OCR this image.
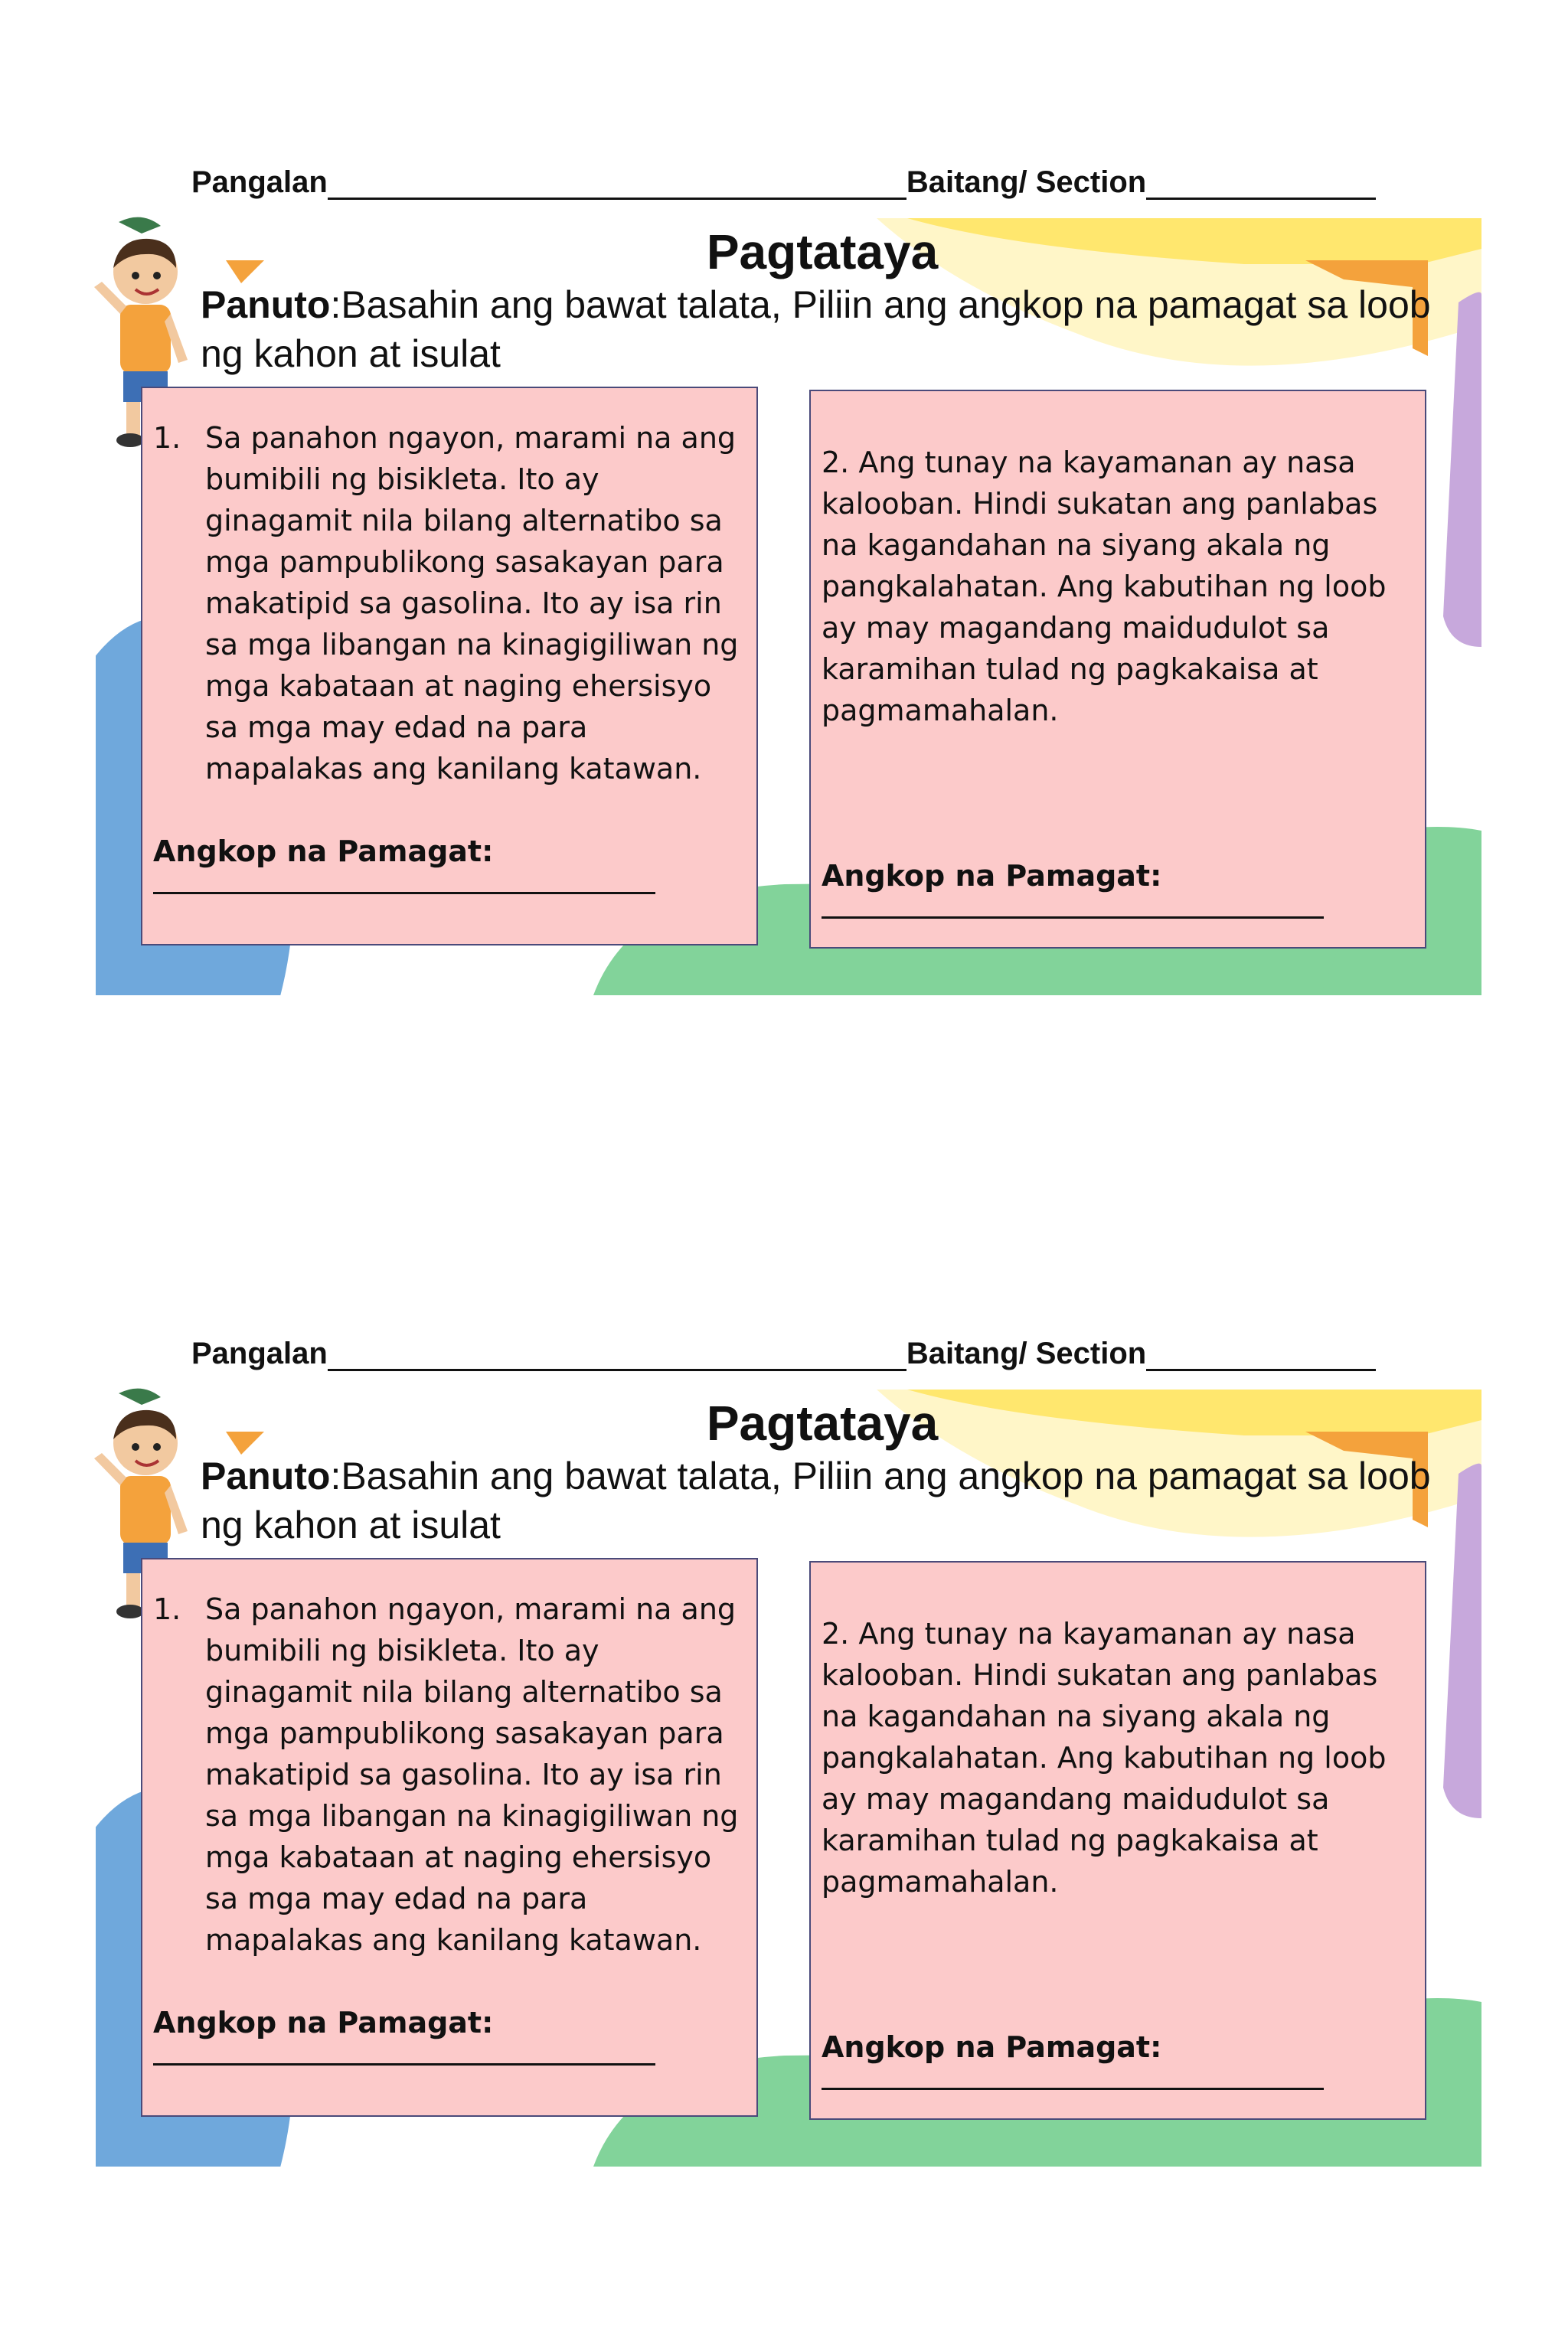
Pangalan	Baitang/ Section
Pagtataya
Panuto:Basahin ang bawat talata, Piliin ang angkop na pamagat sa loob ng kahon at isulat
1. Sa panahon ngayon, marami na ang bumibili ng bisikleta. Ito ay ginagamit nila bilang alternatibo sa mga pampublikong sasakayan para makatipid sa gasolina. Ito ay isa rin sa mga libangan na kinagigiliwan ng mga kabataan at naging ehersisyo sa mga may edad na para mapalakas ang kanilang katawan.
Angkop na Pamagat:
2. Ang tunay na kayamanan ay nasa kalooban. Hindi sukatan ang panlabas na kagandahan na siyang akala ng pangkalahatan. Ang kabutihan ng loob ay may magandang maidudulot sa karamihan tulad ng pagkakaisa at pagmamahalan.
Angkop na Pamagat:
Pangalan	Baitang/ Section
Pagtataya
Panuto:Basahin ang bawat talata, Piliin ang angkop na pamagat sa loob ng kahon at isulat
1. Sa panahon ngayon, marami na ang bumibili ng bisikleta. Ito ay ginagamit nila bilang alternatibo sa mga pampublikong sasakayan para makatipid sa gasolina. Ito ay isa rin sa mga libangan na kinagigiliwan ng mga kabataan at naging ehersisyo sa mga may edad na para mapalakas ang kanilang katawan.
Angkop na Pamagat:
2. Ang tunay na kayamanan ay nasa kalooban. Hindi sukatan ang panlabas na kagandahan na siyang akala ng pangkalahatan. Ang kabutihan ng loob ay may magandang maidudulot sa karamihan tulad ng pagkakaisa at pagmamahalan.
Angkop na Pamagat:
